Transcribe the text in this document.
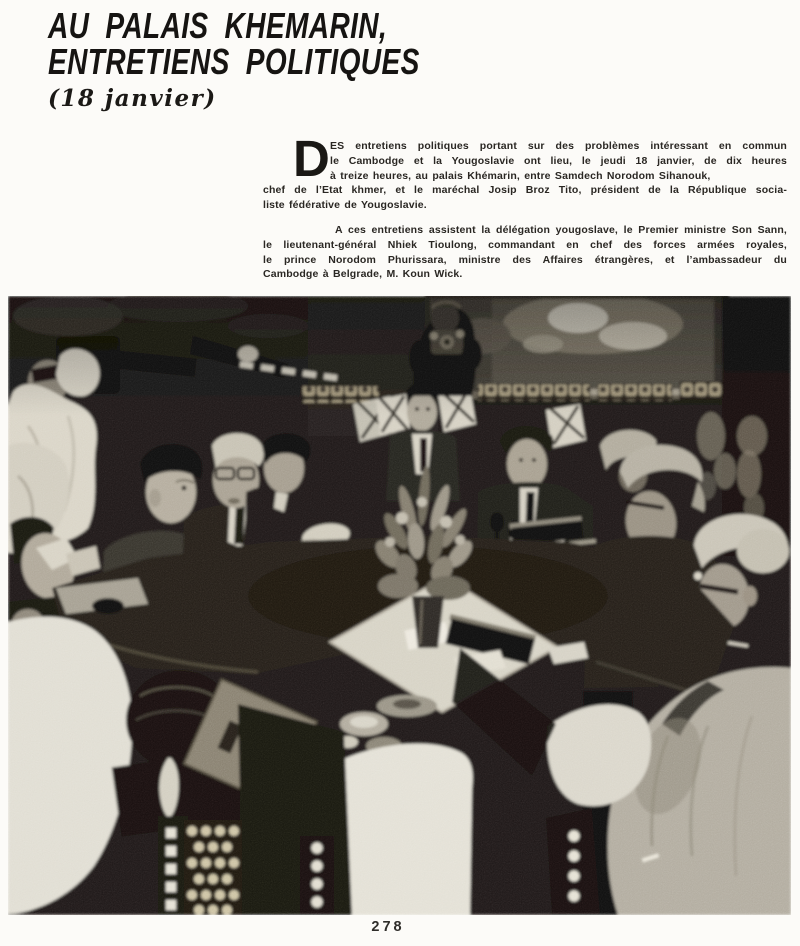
AU PALAIS KHEMARIN,
ENTRETIENS POLITIQUES
(18 janvier)
D ES entretiens politiques portant sur des problèmes intéressant en commun
le Cambodge et la Yougoslavie ont lieu, le jeudi 18 janvier, de dix heures
à treize heures, au palais Khémarin, entre Samdech Norodom Sihanouk,
chef de l’Etat khmer, et le maréchal Josip Broz Tito, président de la République socia-
liste fédérative de Yougoslavie.
A ces entretiens assistent la délégation yougoslave, le Premier ministre Son Sann,
le lieutenant-général Nhiek Tioulong, commandant en chef des forces armées royales,
le prince Norodom Phurissara, ministre des Affaires étrangères, et l’ambassadeur du
Cambodge à Belgrade, M. Koun Wick.
278
